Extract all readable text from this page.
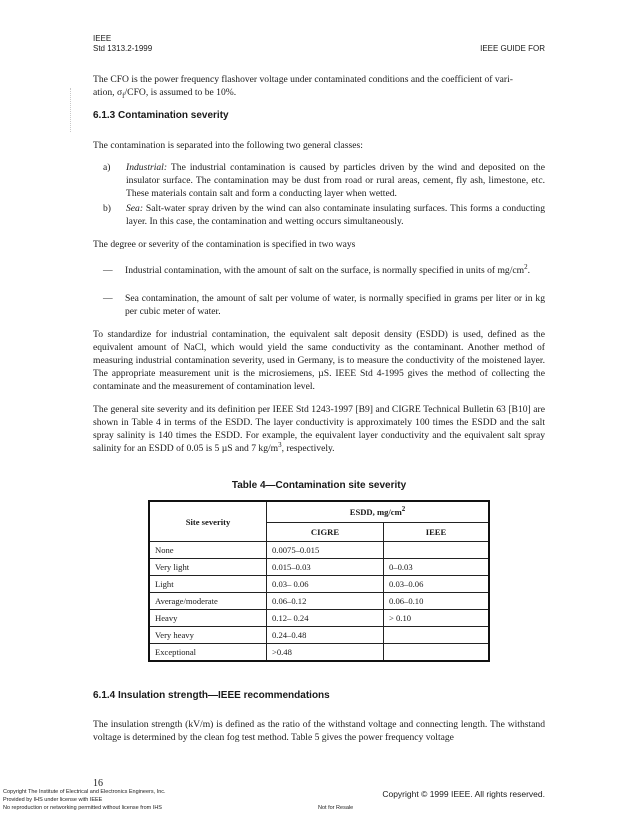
IEEE
Std 1313.2-1999	IEEE GUIDE FOR
The CFO is the power frequency flashover voltage under contaminated conditions and the coefficient of vari-
ation, $\sigma_f$/CFO, is assumed to be 10%.
6.1.3 Contamination severity
The contamination is separated into the following two general classes:
a) Industrial: The industrial contamination is caused by particles driven by the wind and deposited on the insulator surface. The contamination may be dust from road or rural areas, cement, fly ash, limestone, etc. These materials contain salt and form a conducting layer when wetted.
b) Sea: Salt-water spray driven by the wind can also contaminate insulating surfaces. This forms a conducting layer. In this case, the contamination and wetting occurs simultaneously.
The degree or severity of the contamination is specified in two ways
— Industrial contamination, with the amount of salt on the surface, is normally specified in units of $mg/cm^2$.
— Sea contamination, the amount of salt per volume of water, is normally specified in grams per liter or in kg per cubic meter of water.
To standardize for industrial contamination, the equivalent salt deposit density (ESDD) is used, defined as the equivalent amount of NaCl, which would yield the same conductivity as the contaminant. Another method of measuring industrial contamination severity, used in Germany, is to measure the conductivity of the moistened layer. The appropriate measurement unit is the microsiemens, µS. IEEE Std 4-1995 gives the method of collecting the contaminate and the measurement of contamination level.
The general site severity and its definition per IEEE Std 1243-1997 [B9] and CIGRE Technical Bulletin 63 [B10] are shown in Table 4 in terms of the ESDD. The layer conductivity is approximately 100 times the ESDD and the salt spray salinity is 140 times the ESDD. For example, the equivalent layer conductivity and the equivalent salt spray salinity for an ESDD of 0.05 is 5 µS and 7 $kg/m^3$, respectively.
Table 4—Contamination site severity
Site severity	ESDD, $mg/cm^2$
	CIGRE	IEEE
None	0.0075–0.015	
Very light	0.015–0.03	0–0.03
Light	0.03– 0.06	0.03–0.06
Average/moderate	0.06–0.12	0.06–0.10
Heavy	0.12– 0.24	> 0.10
Very heavy	0.24–0.48	
Exceptional	>0.48	
6.1.4 Insulation strength—IEEE recommendations
The insulation strength (kV/m) is defined as the ratio of the withstand voltage and connecting length. The withstand voltage is determined by the clean fog test method. Table 5 gives the power frequency voltage
16
Copyright © 1999 IEEE. All rights reserved.
Copyright The Institute of Electrical and Electronics Engineers, Inc.
Provided by IHS under license with IEEE
No reproduction or networking permitted without license from IHS	Not for Resale
